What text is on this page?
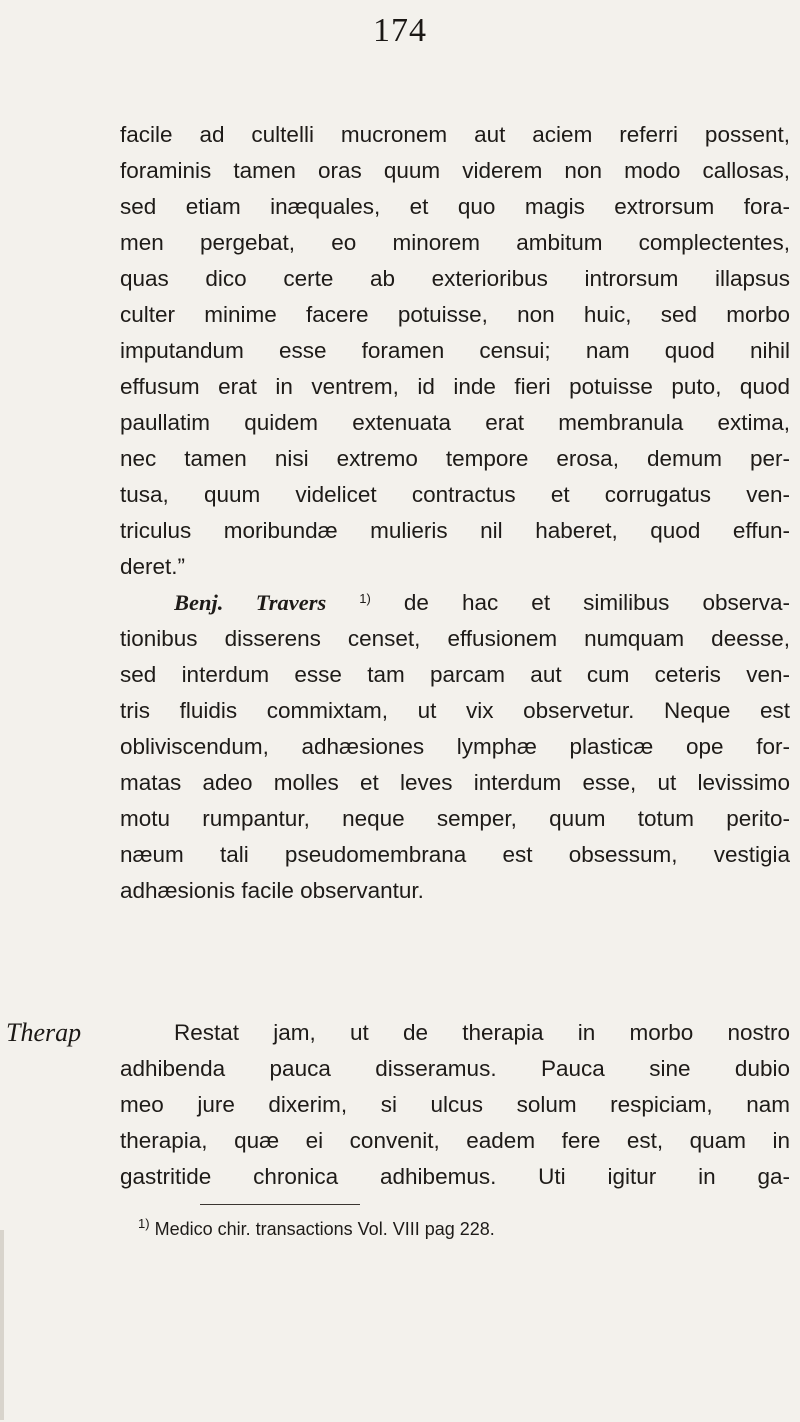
174
facile ad cultelli mucronem aut aciem referri possent,
foraminis tamen oras quum viderem non modo callosas,
sed etiam inæquales, et quo magis extrorsum fora-
men pergebat, eo minorem ambitum complectentes,
quas dico certe ab exterioribus introrsum illapsus
culter minime facere potuisse, non huic, sed morbo
imputandum esse foramen censui; nam quod nihil
effusum erat in ventrem, id inde fieri potuisse puto, quod
paullatim quidem extenuata erat membranula extima,
nec tamen nisi extremo tempore erosa, demum per-
tusa, quum videlicet contractus et corrugatus ven-
triculus moribundæ mulieris nil haberet, quod effun-
deret.”
Benj. Travers	$^{1)}$ de hac et similibus observa-
tionibus disserens censet, effusionem numquam deesse,
sed interdum esse tam parcam aut cum ceteris ven-
tris fluidis commixtam, ut vix observetur. Neque est
obliviscendum, adhæsiones lymphæ plasticæ ope for-
matas adeo molles et leves interdum esse, ut levissimo
motu rumpantur, neque semper, quum totum perito-
næum tali pseudomembrana est obsessum, vestigia
adhæsionis facile observantur.
Therap	Restat jam, ut de therapia in morbo nostro
adhibenda pauca disseramus. Pauca sine dubio
meo jure dixerim, si ulcus solum respiciam, nam
therapia, quæ ei convenit, eadem fere est, quam in
gastritide chronica adhibemus. Uti igitur in ga-
$^{1)}$ Medico chir. transactions Vol. VIII pag 228.
